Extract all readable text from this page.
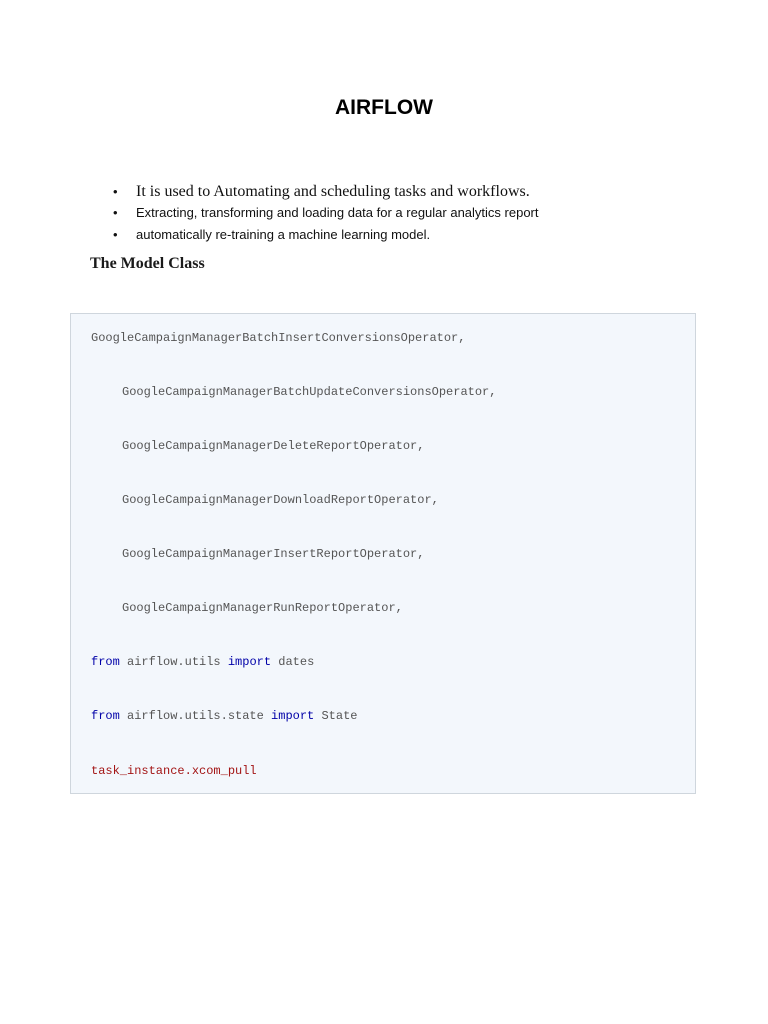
AIRFLOW
• It is used to Automating and scheduling tasks and workflows.
• Extracting, transforming and loading data for a regular analytics report
• automatically re-training a machine learning model.
The Model Class
GoogleCampaignManagerBatchInsertConversionsOperator,
GoogleCampaignManagerBatchUpdateConversionsOperator,
GoogleCampaignManagerDeleteReportOperator,
GoogleCampaignManagerDownloadReportOperator,
GoogleCampaignManagerInsertReportOperator,
GoogleCampaignManagerRunReportOperator,
from airflow.utils import dates
from airflow.utils.state import State
task_instance.xcom_pull
